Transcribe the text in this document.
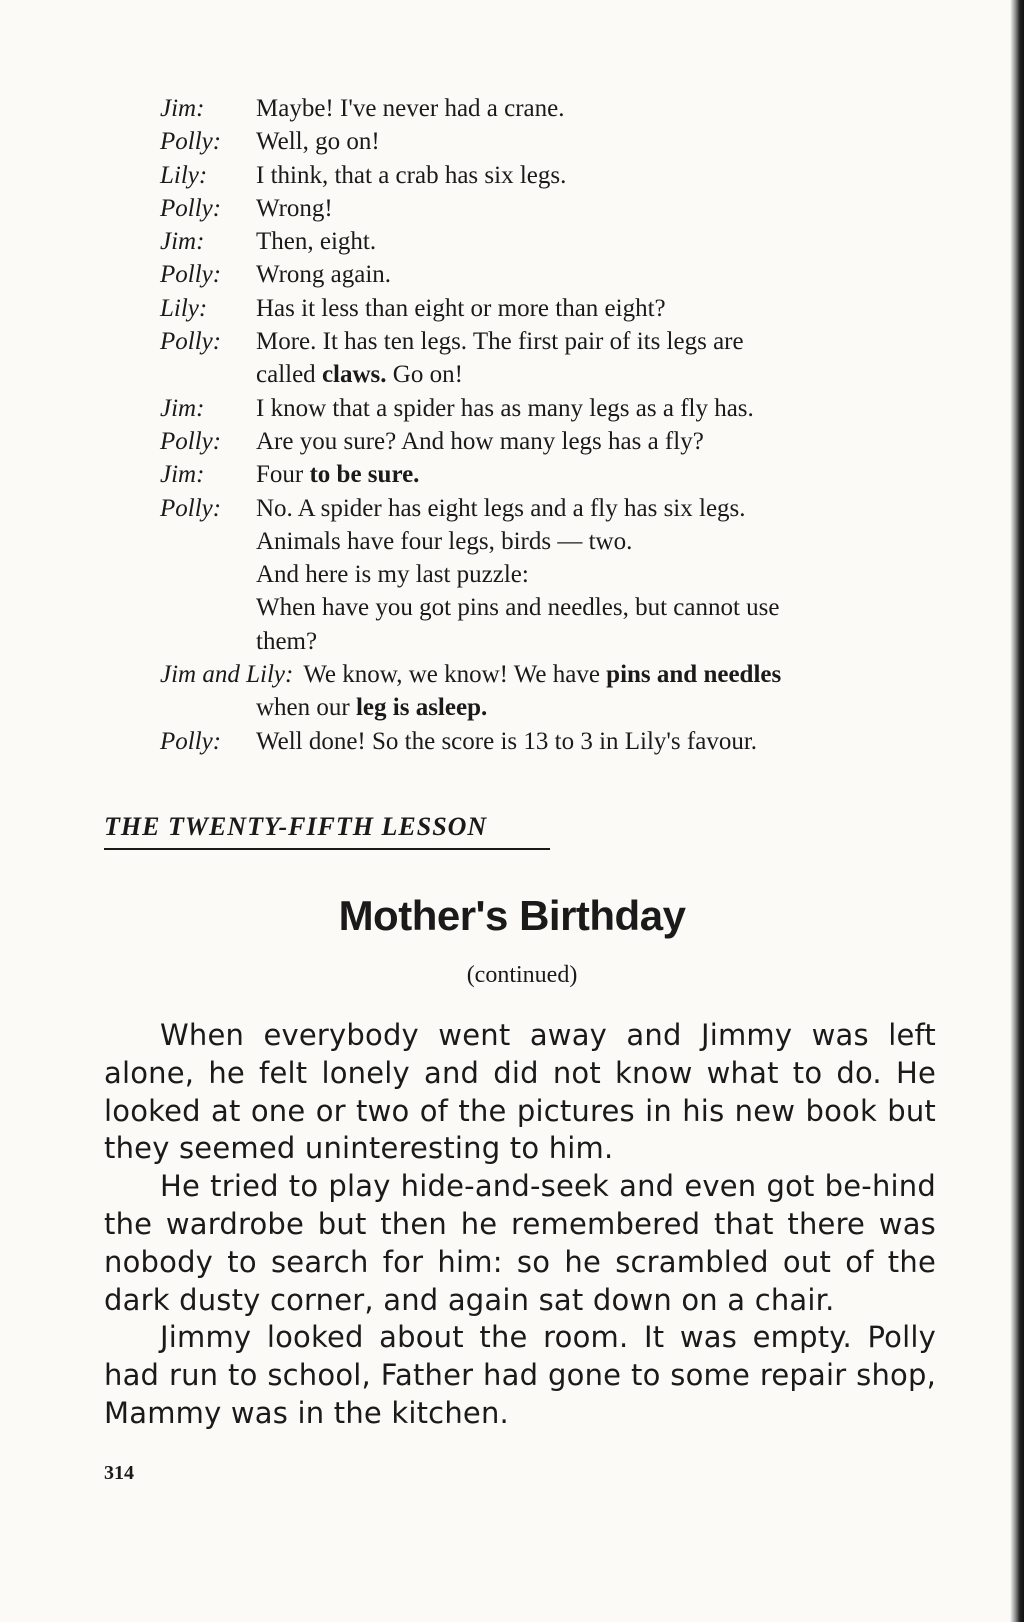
Jim:	Maybe! I've never had a crane.
Polly:	Well, go on!
Lily:	I think, that a crab has six legs.
Polly:	Wrong!
Jim:	Then, eight.
Polly:	Wrong again.
Lily:	Has it less than eight or more than eight?
Polly:	More. It has ten legs. The first pair of its legs are
called claws. Go on!
Jim:	I know that a spider has as many legs as a fly has.
Polly:	Are you sure? And how many legs has a fly?
Jim:	Four to be sure.
Polly:	No. A spider has eight legs and a fly has six legs.
Animals have four legs, birds — two.
And here is my last puzzle:
When have you got pins and needles, but cannot use
them?
Jim and Lily: We know, we know! We have pins and needles
when our leg is asleep.
Polly:	Well done! So the score is 13 to 3 in Lily's favour.
THE TWENTY-FIFTH LESSON
Mother's Birthday
(continued)

When everybody went away and Jimmy was left alone, he felt lonely and did not know what to do. He looked at one or two of the pictures in his new book but they seemed uninteresting to him.

He tried to play hide-and-seek and even got be-hind the wardrobe but then he remembered that there was nobody to search for him: so he scrambled out of the dark dusty corner, and again sat down on a chair.

Jimmy looked about the room. It was empty. Polly had run to school, Father had gone to some repair shop, Mammy was in the kitchen.

314
